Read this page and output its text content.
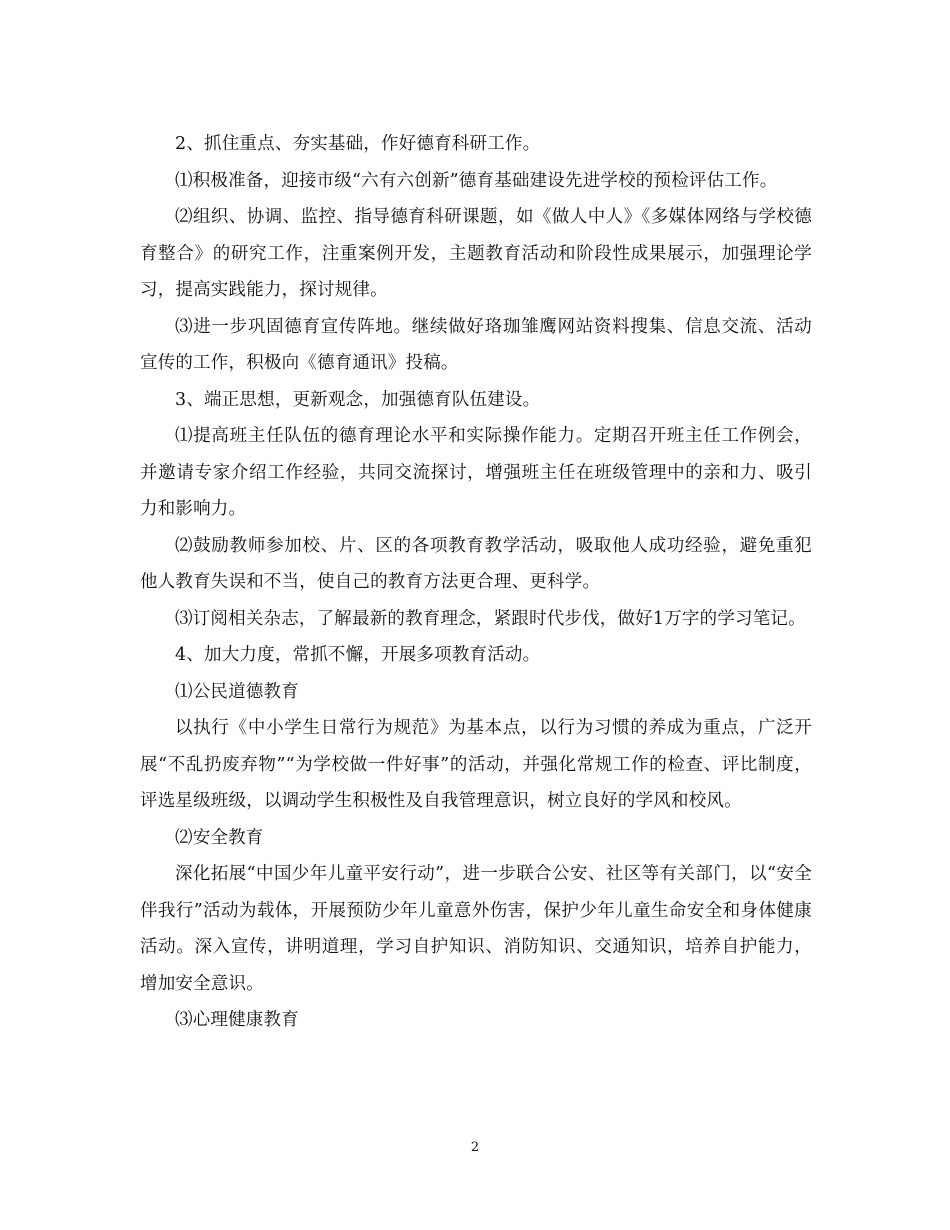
2、抓住重点、夯实基础，作好德育科研工作。

⑴积极准备，迎接市级“六有六创新”德育基础建设先进学校的预检评估工作。

⑵组织、协调、监控、指导德育科研课题，如《做人中人》《多媒体网络与学校德育整合》的研究工作，注重案例开发，主题教育活动和阶段性成果展示，加强理论学习，提高实践能力，探讨规律。

⑶进一步巩固德育宣传阵地。继续做好珞珈雏鹰网站资料搜集、信息交流、活动宣传的工作，积极向《德育通讯》投稿。

3、端正思想，更新观念，加强德育队伍建设。

⑴提高班主任队伍的德育理论水平和实际操作能力。定期召开班主任工作例会，并邀请专家介绍工作经验，共同交流探讨，增强班主任在班级管理中的亲和力、吸引力和影响力。

⑵鼓励教师参加校、片、区的各项教育教学活动，吸取他人成功经验，避免重犯他人教育失误和不当，使自己的教育方法更合理、更科学。

⑶订阅相关杂志，了解最新的教育理念，紧跟时代步伐，做好1万字的学习笔记。

4、加大力度，常抓不懈，开展多项教育活动。

⑴公民道德教育

以执行《中小学生日常行为规范》为基本点，以行为习惯的养成为重点，广泛开展“不乱扔废弃物”“为学校做一件好事”的活动，并强化常规工作的检查、评比制度，评选星级班级，以调动学生积极性及自我管理意识，树立良好的学风和校风。

⑵安全教育

深化拓展“中国少年儿童平安行动”，进一步联合公安、社区等有关部门，以“安全伴我行”活动为载体，开展预防少年儿童意外伤害，保护少年儿童生命安全和身体健康活动。深入宣传，讲明道理，学习自护知识、消防知识、交通知识，培养自护能力，增加安全意识。

⑶心理健康教育

2
